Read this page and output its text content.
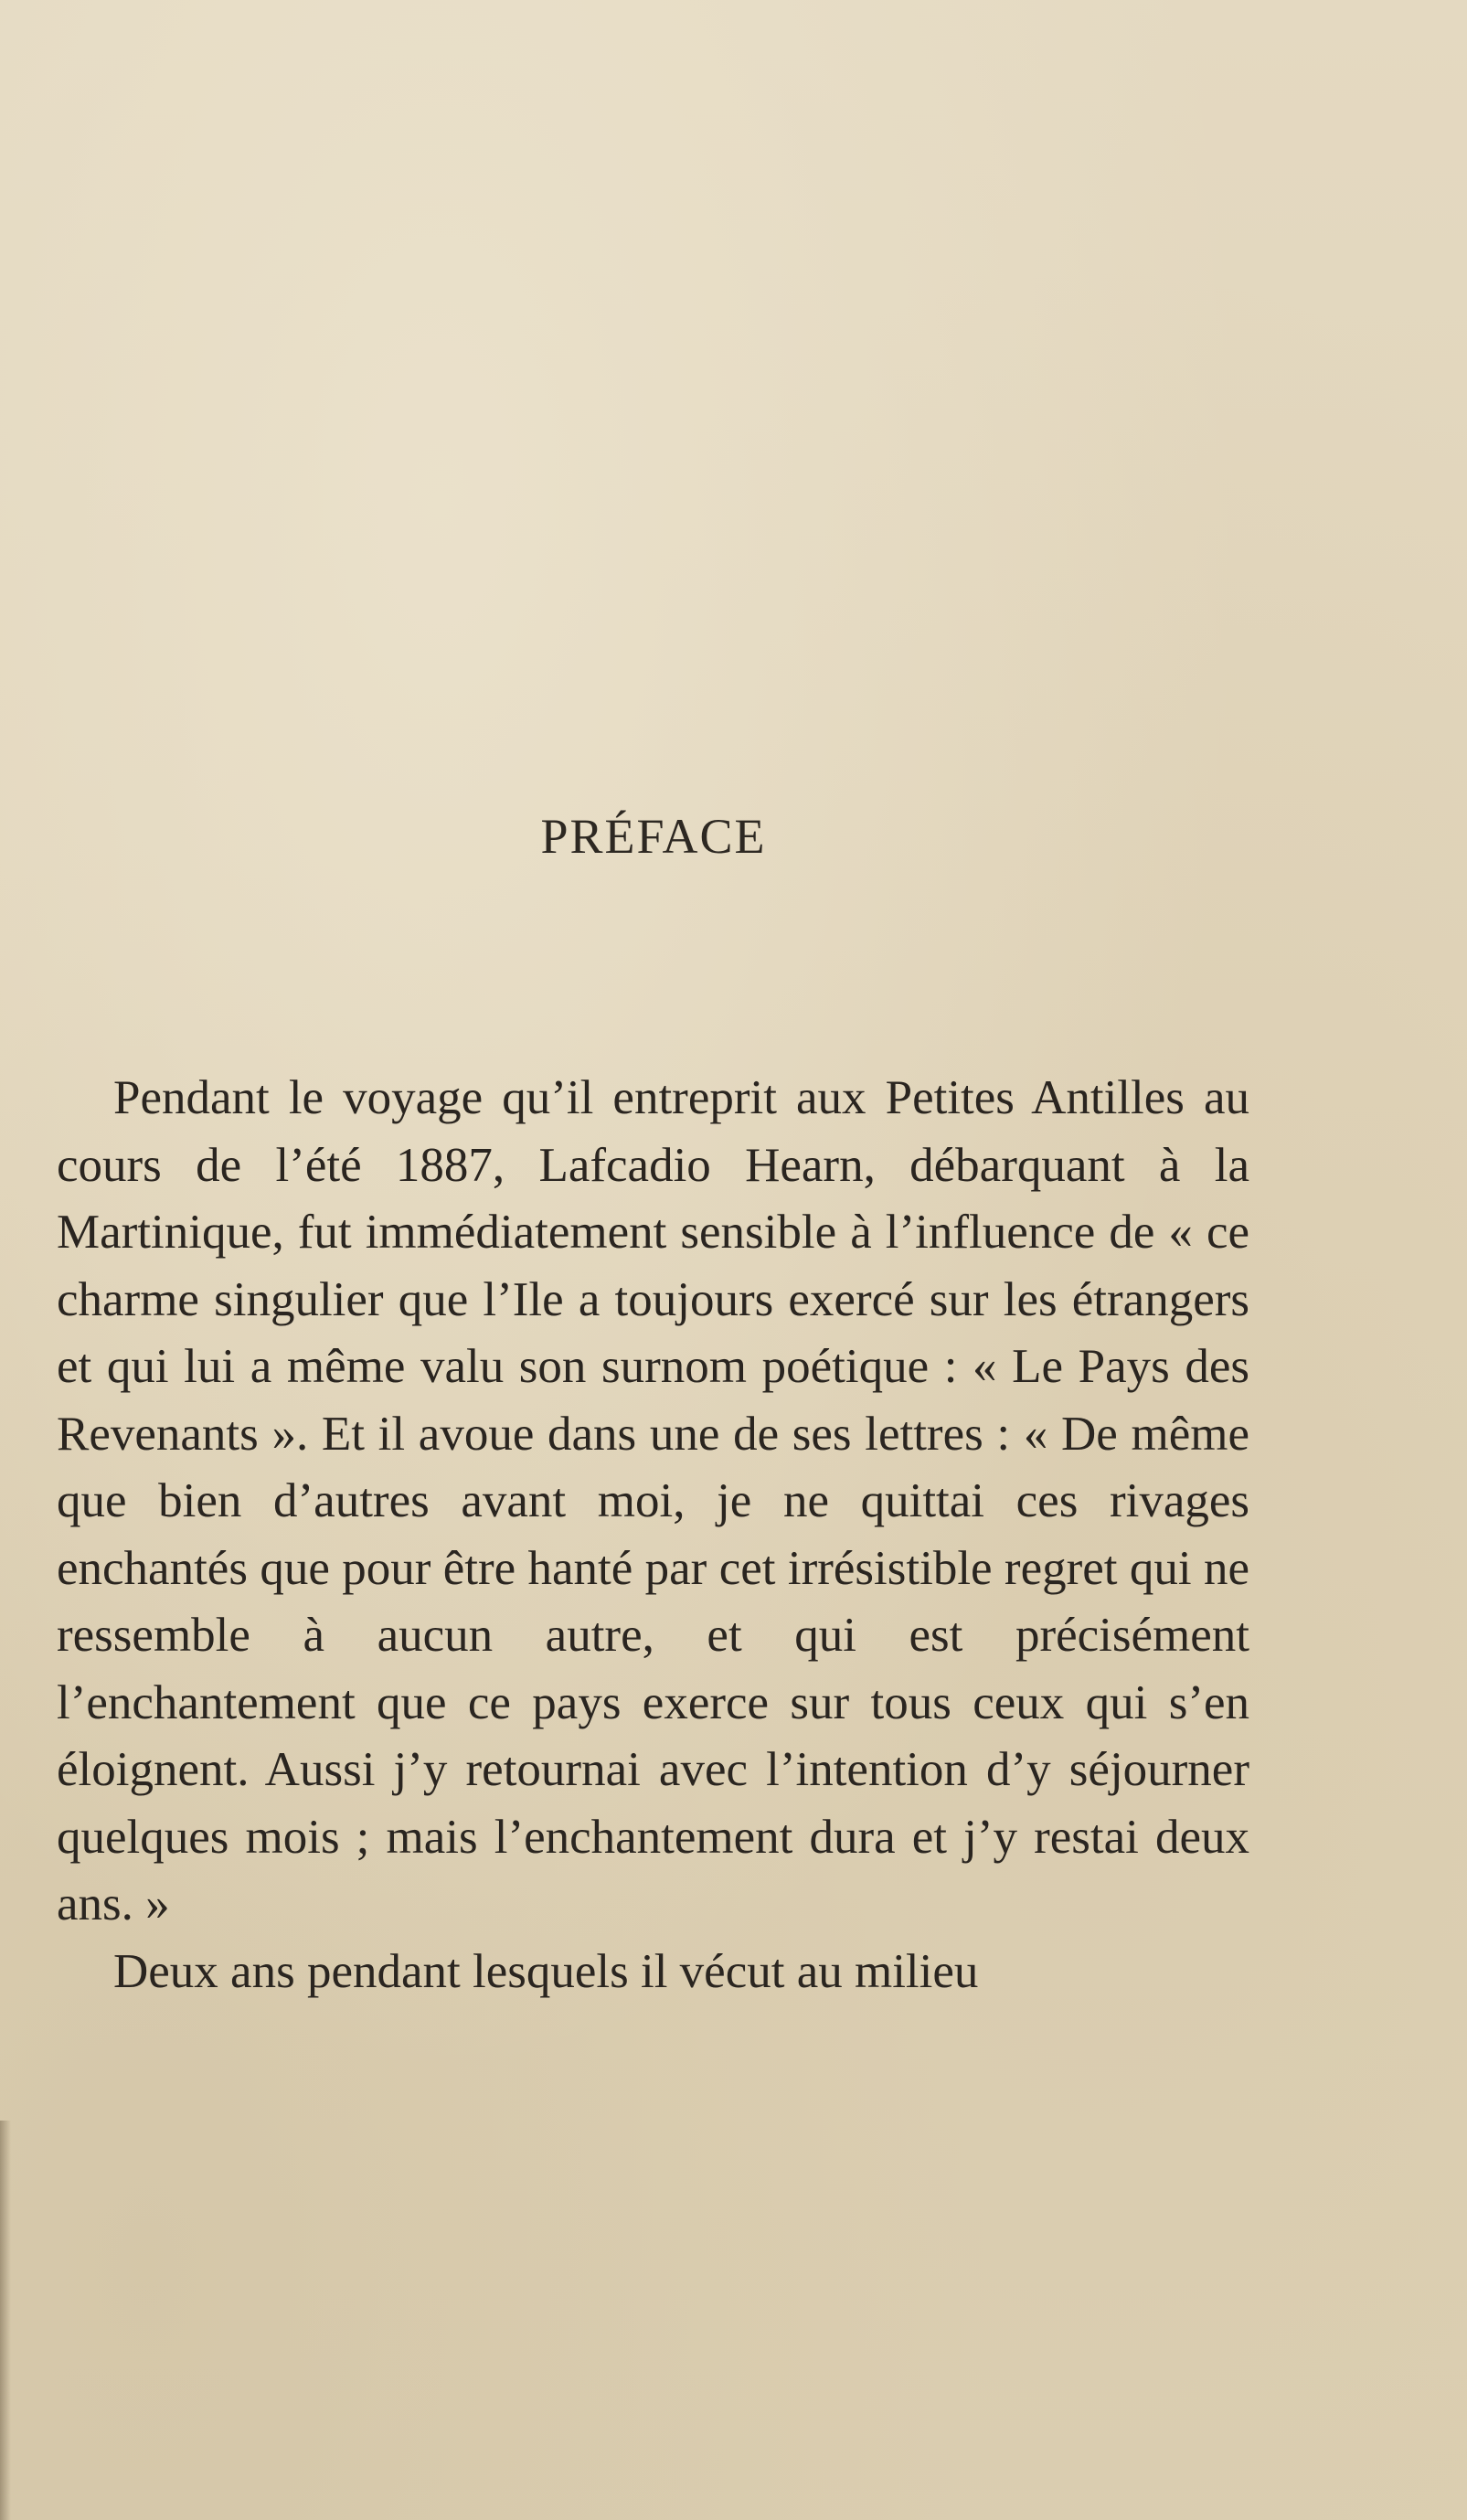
PRÉFACE

Pendant le voyage qu’il entreprit aux Petites Antilles au cours de l’été 1887, Lafcadio Hearn, débarquant à la Martinique, fut immédiatement sensible à l’influence de « ce charme singulier que l’Ile a toujours exercé sur les étrangers et qui lui a même valu son surnom poétique : « Le Pays des Revenants ». Et il avoue dans une de ses lettres : « De même que bien d’autres avant moi, je ne quittai ces rivages enchantés que pour être hanté par cet irrésistible regret qui ne ressemble à aucun autre, et qui est précisément l’enchantement que ce pays exerce sur tous ceux qui s’en éloignent. Aussi j’y retournai avec l’intention d’y séjourner quelques mois ; mais l’enchantement dura et j’y restai deux ans. »

Deux ans pendant lesquels il vécut au milieu
